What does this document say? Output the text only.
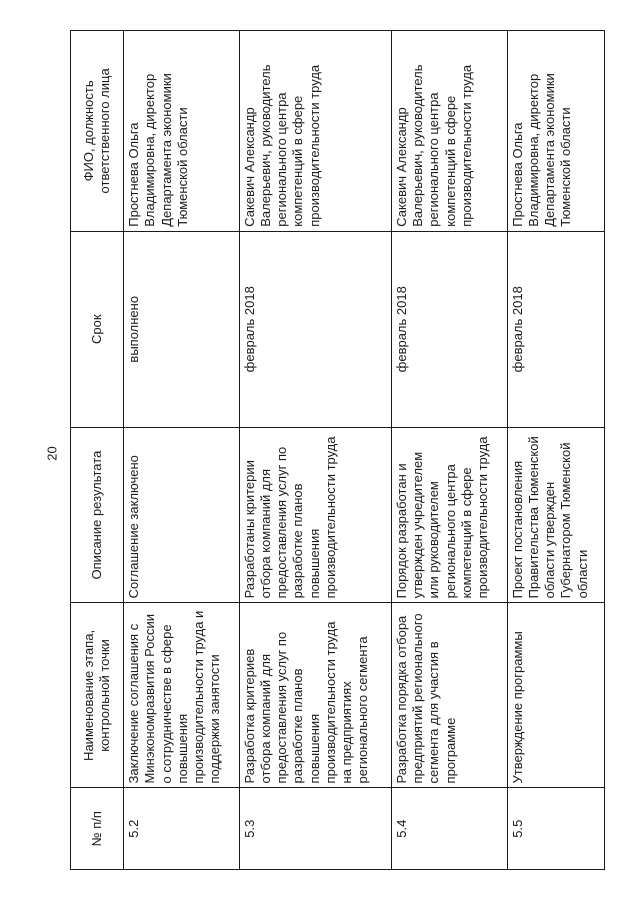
20
№ п/п	Наименование этапа, контрольной точки	Описание результата	Срок	ФИО, должность ответственного лица
5.2	Заключение соглашения с Минэкономразвития России о сотрудничестве в сфере повышения производительности труда и поддержки занятости	Соглашение заключено	выполнено	Простнева Ольга Владимировна, директор Департамента экономики Тюменской области
5.3	Разработка критериев отбора компаний для предоставления услуг по разработке планов повышения производительности труда на предприятиях регионального сегмента	Разработаны критерии отбора компаний для предоставления услуг по разработке планов повышения производительности труда	февраль 2018	Сакевич Александр Валерьевич, руководитель регионального центра компетенций в сфере производительности труда
5.4	Разработка порядка отбора предприятий регионального сегмента для участия в программе	Порядок разработан и утвержден учредителем или руководителем регионального центра компетенций в сфере производительности труда	февраль 2018	Сакевич Александр Валерьевич, руководитель регионального центра компетенций в сфере производительности труда
5.5	Утверждение программы	Проект постановления Правительства Тюменской области утвержден Губернатором Тюменской области	февраль 2018	Простнева Ольга Владимировна, директор Департамента экономики Тюменской области
